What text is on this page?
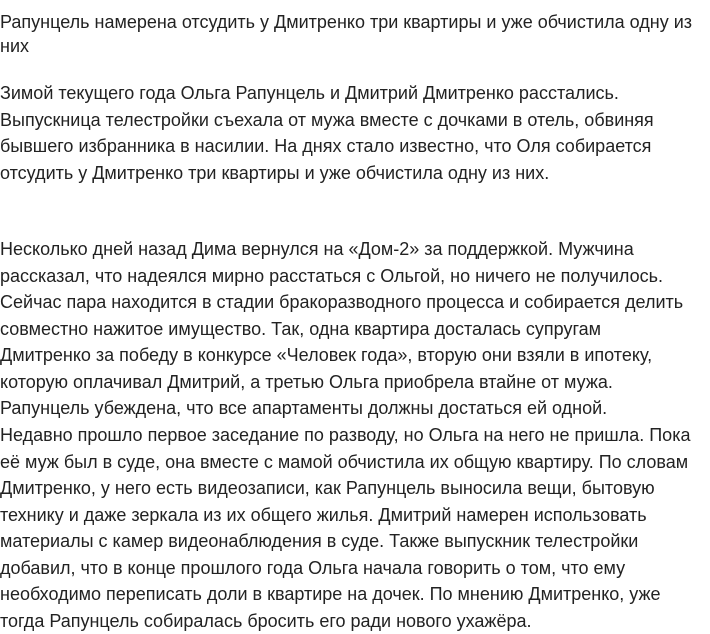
Рапунцель намерена отсудить у Дмитренко три квартиры и уже обчистила одну из
них

Зимой текущего года Ольга Рапунцель и Дмитрий Дмитренко расстались.
Выпускница телестройки съехала от мужа вместе с дочками в отель, обвиняя
бывшего избранника в насилии. На днях стало известно, что Оля собирается
отсудить у Дмитренко три квартиры и уже обчистила одну из них.

Несколько дней назад Дима вернулся на «Дом-2» за поддержкой. Мужчина
рассказал, что надеялся мирно расстаться с Ольгой, но ничего не получилось.
Сейчас пара находится в стадии бракоразводного процесса и собирается делить
совместно нажитое имущество. Так, одна квартира досталась супругам
Дмитренко за победу в конкурсе «Человек года», вторую они взяли в ипотеку,
которую оплачивал Дмитрий, а третью Ольга приобрела втайне от мужа.
Рапунцель убеждена, что все апартаменты должны достаться ей одной.

Недавно прошло первое заседание по разводу, но Ольга на него не пришла. Пока
её муж был в суде, она вместе с мамой обчистила их общую квартиру. По словам
Дмитренко, у него есть видеозаписи, как Рапунцель выносила вещи, бытовую
технику и даже зеркала из их общего жилья. Дмитрий намерен использовать
материалы с камер видеонаблюдения в суде. Также выпускник телестройки
добавил, что в конце прошлого года Ольга начала говорить о том, что ему
необходимо переписать доли в квартире на дочек. По мнению Дмитренко, уже
тогда Рапунцель собиралась бросить его ради нового ухажёра.
